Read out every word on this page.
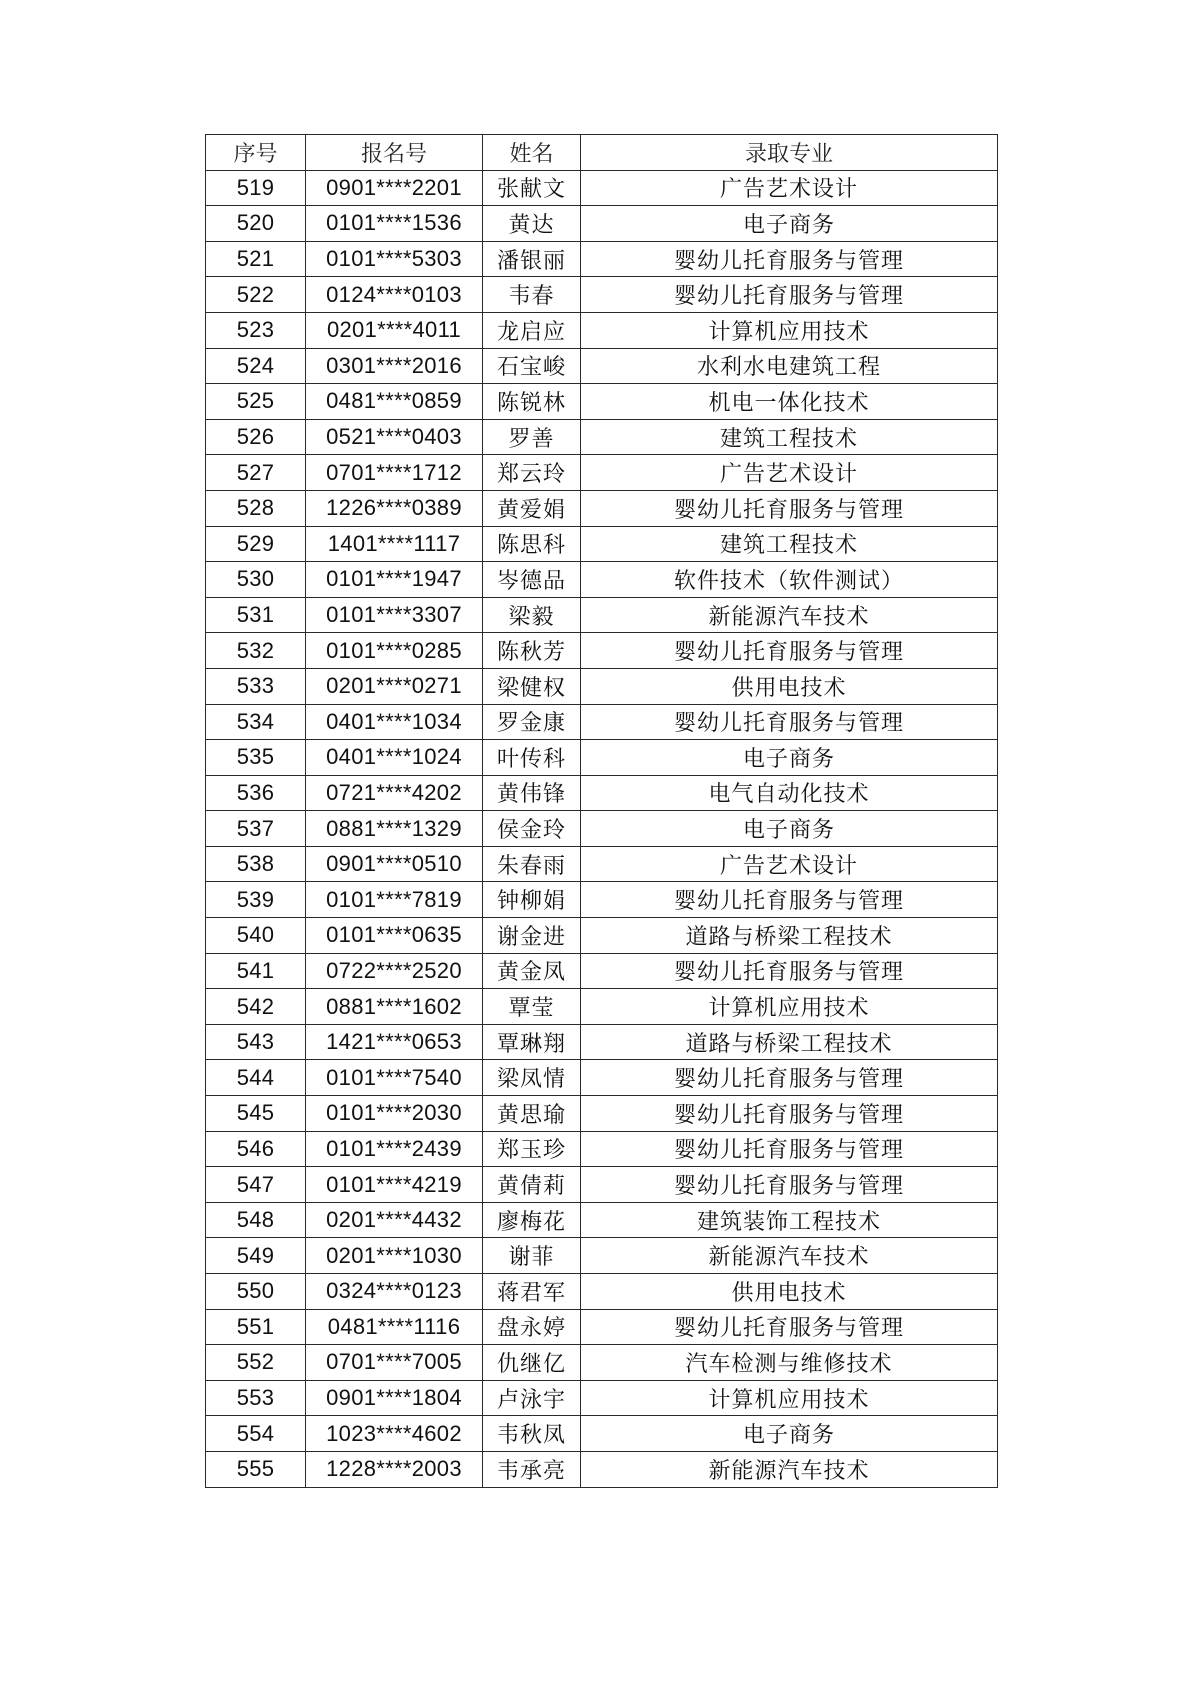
序号	报名号	姓名	录取专业
519	0901****2201	张献文	广告艺术设计
520	0101****1536	黄达	电子商务
521	0101****5303	潘银丽	婴幼儿托育服务与管理
522	0124****0103	韦春	婴幼儿托育服务与管理
523	0201****4011	龙启应	计算机应用技术
524	0301****2016	石宝峻	水利水电建筑工程
525	0481****0859	陈锐林	机电一体化技术
526	0521****0403	罗善	建筑工程技术
527	0701****1712	郑云玲	广告艺术设计
528	1226****0389	黄爱娟	婴幼儿托育服务与管理
529	1401****1117	陈思科	建筑工程技术
530	0101****1947	岑德品	软件技术（软件测试）
531	0101****3307	梁毅	新能源汽车技术
532	0101****0285	陈秋芳	婴幼儿托育服务与管理
533	0201****0271	梁健权	供用电技术
534	0401****1034	罗金康	婴幼儿托育服务与管理
535	0401****1024	叶传科	电子商务
536	0721****4202	黄伟锋	电气自动化技术
537	0881****1329	侯金玲	电子商务
538	0901****0510	朱春雨	广告艺术设计
539	0101****7819	钟柳娟	婴幼儿托育服务与管理
540	0101****0635	谢金进	道路与桥梁工程技术
541	0722****2520	黄金凤	婴幼儿托育服务与管理
542	0881****1602	覃莹	计算机应用技术
543	1421****0653	覃琳翔	道路与桥梁工程技术
544	0101****7540	梁凤情	婴幼儿托育服务与管理
545	0101****2030	黄思瑜	婴幼儿托育服务与管理
546	0101****2439	郑玉珍	婴幼儿托育服务与管理
547	0101****4219	黄倩莉	婴幼儿托育服务与管理
548	0201****4432	廖梅花	建筑装饰工程技术
549	0201****1030	谢菲	新能源汽车技术
550	0324****0123	蒋君军	供用电技术
551	0481****1116	盘永婷	婴幼儿托育服务与管理
552	0701****7005	仇继亿	汽车检测与维修技术
553	0901****1804	卢泳宇	计算机应用技术
554	1023****4602	韦秋凤	电子商务
555	1228****2003	韦承亮	新能源汽车技术
